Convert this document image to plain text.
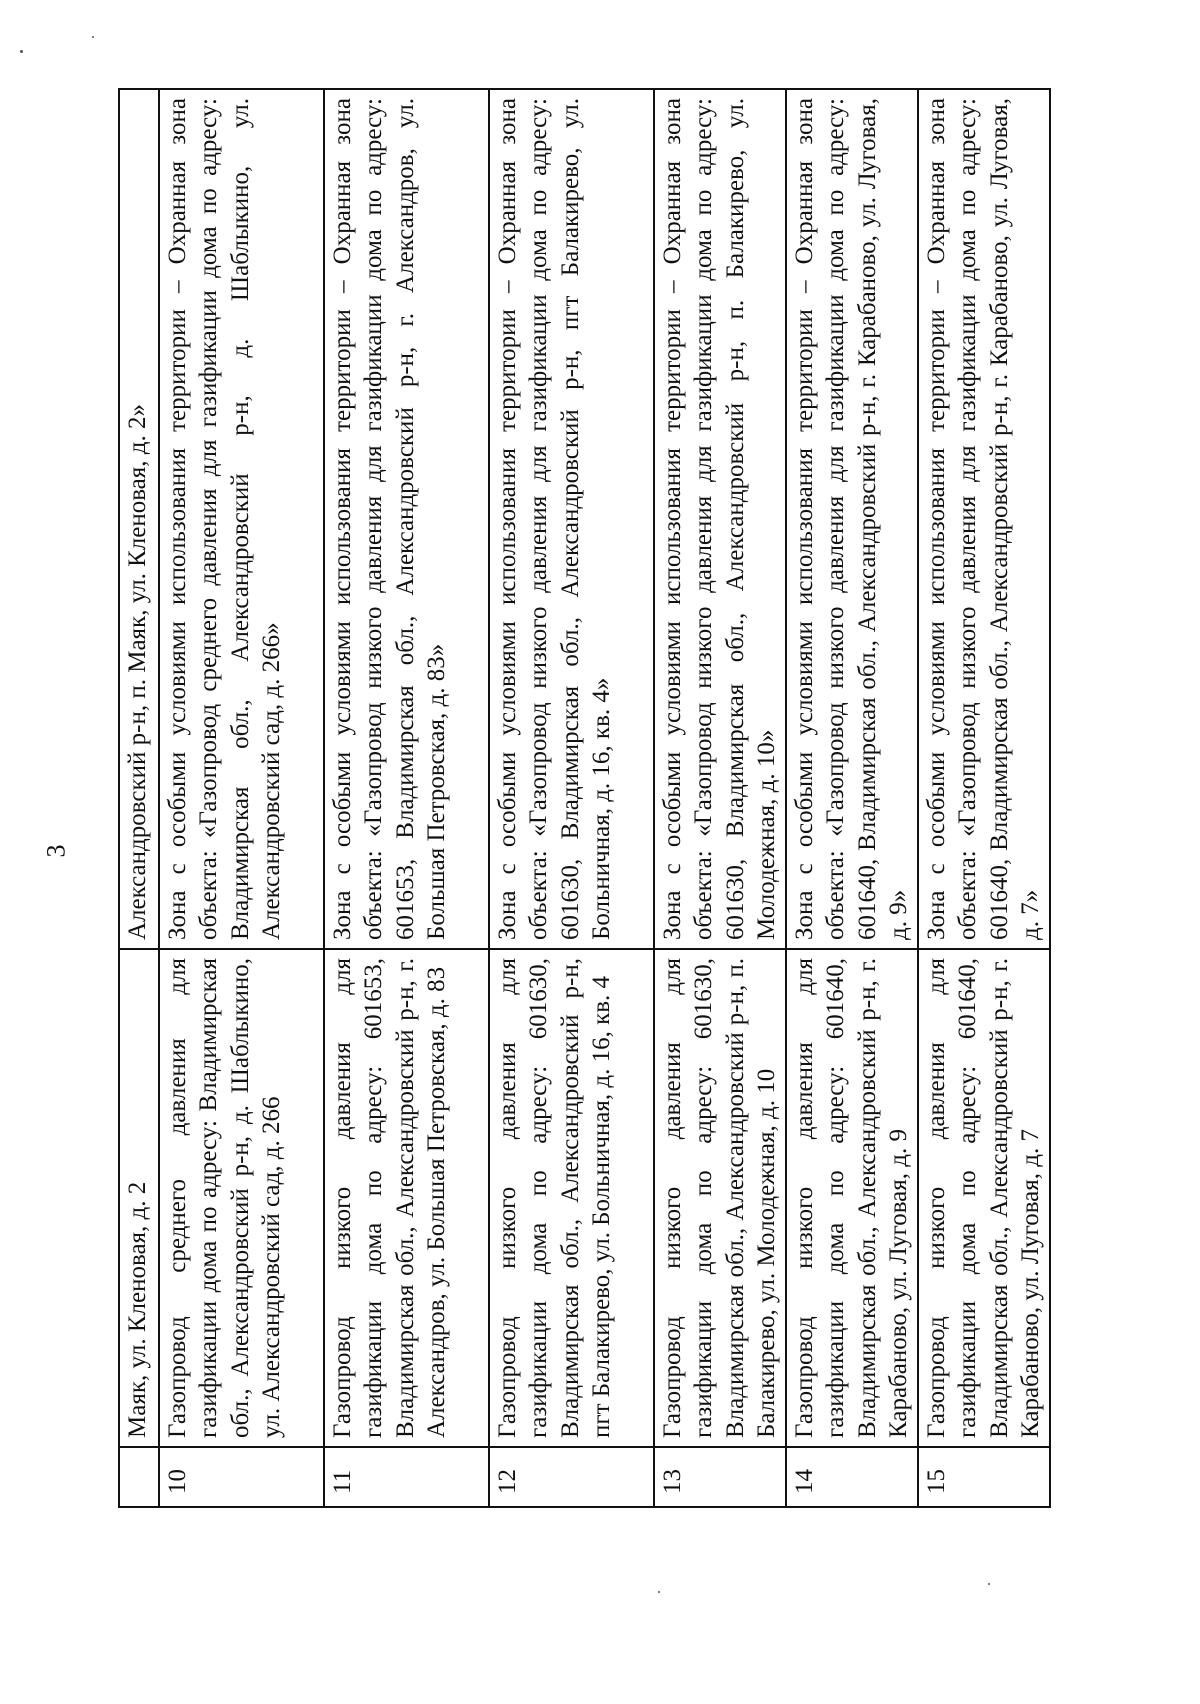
3
	Маяк, ул. Кленовая, д. 2	Александровский р-н, п. Маяк, ул. Кленовая, д. 2»
10	Газопровод среднего давления для газификации дома по адресу: Владимирская обл., Александровский р-н, д. Шаблыкино, ул. Александровский сад, д. 266	Зона с особыми условиями использования территории – Охранная зона объекта: «Газопровод среднего давления для газификации дома по адресу: Владимирская обл., Александровский р-н, д. Шаблыкино, ул. Александровский сад, д. 266»
11	Газопровод низкого давления для газификации дома по адресу: 601653, Владимирская обл., Александровский р-н, г. Александров, ул. Большая Петровская, д. 83	Зона с особыми условиями использования территории – Охранная зона объекта: «Газопровод низкого давления для газификации дома по адресу: 601653, Владимирская обл., Александровский р-н, г. Александров, ул. Большая Петровская, д. 83»
12	Газопровод низкого давления для газификации дома по адресу: 601630, Владимирская обл., Александровский р-н, пгт Балакирево, ул. Больничная, д. 16, кв. 4	Зона с особыми условиями использования территории – Охранная зона объекта: «Газопровод низкого давления для газификации дома по адресу: 601630, Владимирская обл., Александровский р-н, пгт Балакирево, ул. Больничная, д. 16, кв. 4»
13	Газопровод низкого давления для газификации дома по адресу: 601630, Владимирская обл., Александровский р-н, п. Балакирево, ул. Молодежная, д. 10	Зона с особыми условиями использования территории – Охранная зона объекта: «Газопровод низкого давления для газификации дома по адресу: 601630, Владимирская обл., Александровский р-н, п. Балакирево, ул. Молодежная, д. 10»
14	Газопровод низкого давления для газификации дома по адресу: 601640, Владимирская обл., Александровский р-н, г. Карабаново, ул. Луговая, д. 9	Зона с особыми условиями использования территории – Охранная зона объекта: «Газопровод низкого давления для газификации дома по адресу: 601640, Владимирская обл., Александровский р-н, г. Карабаново, ул. Луговая, д. 9»
15	Газопровод низкого давления для газификации дома по адресу: 601640, Владимирская обл., Александровский р-н, г. Карабаново, ул. Луговая, д. 7	Зона с особыми условиями использования территории – Охранная зона объекта: «Газопровод низкого давления для газификации дома по адресу: 601640, Владимирская обл., Александровский р-н, г. Карабаново, ул. Луговая, д. 7»
